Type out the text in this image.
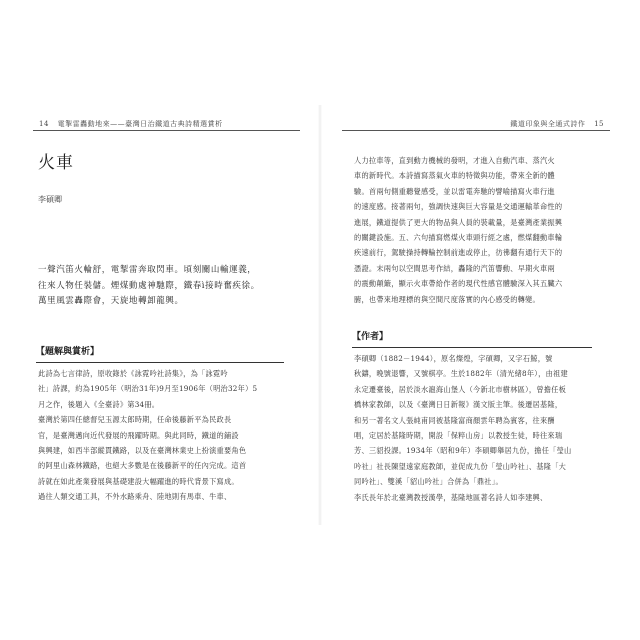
14 電掣雷轟動地來——臺灣日治鐵道古典詩精選賞析
火車
李碩卿
一聲汽笛火輪舒，電掣雷奔取閃車。頃刻關山輸運義，
往來人物任裝儲。煙煤動處神馳際，鐵春ì接時奮疾徐。
萬里風雲轟際會，天旋地轉卸龍興。
【題解與賞析】
此詩為七言律詩，原收錄於《詠霓吟社詩集》，為「詠霓吟
社」詩課，約為1905年（明治31年)9月至1906年（明治32年）5
月之作，後題入《全臺詩》第34冊。
臺灣於第四任總督兒玉源太郎時期，任命後藤新平為民政長
官，是臺灣邁向近代發展的飛躍時期。與此同時，鐵道的鋪設
與興建，如西半部縱貫鐵路，以及在臺灣林業史上扮演重要角色
的阿里山森林鐵路，也絕大多數是在後藤新平的任內完成。這首
詩就在如此產業發展與基礎建設大幅躍進的時代背景下寫成。
過往人類交通工具，不外水路乘舟、陸地則有馬車、牛車、
鐵道印象與全通式詩作 15
人力拉車等，直到動力機械的發明，才進入自動汽車、蒸汽火
車的新時代。本詩描寫蒸氣火車的特徵與功能，帶來全新的體
驗。首兩句側重聽覺感受，並以雷電奔馳的譬喻描寫火車行進
的速度感。接著兩句，強調快速與巨大容量是交通運輸革命性的
進展，鐵道提供了更大的物品與人員的裝載量，是臺灣產業振興
的關鍵設施。五、六句描寫燃煤火車頭行經之處，燃煤翻動車輪
疾速前行，駕駛操持轉輪控制前進或停止，彷彿翻有通行天下的
憑證。末兩句以空間思考作結，轟隆的汽笛響動、早期火車兩
的震動顛簸，顯示火車帶給作者的現代性感官體驗深入其五臟六
腑，也帶來地理標的與空間尺度落實的內心感受的轉變。
【作者】
李碩卿（1882－1944），原名燦煌，字碩卿，又字石鯨，號
秋鑄，晚號退響，又號棋亭。生於1882年（清光緒8年），由祖建
永定遷臺後，居於淡水滬海山堡人（今新北市樹林區），曾擔任板
橋林家教師，以及《臺灣日日新報》漢文版主筆。後遷居基隆，
和另一著名文人張純甫同被基隆富商顏雲年聘為賓客，往來酬
唱，定居於基隆時期，開設「保粹山房」以教授生徒，時往來瑞
芳、三貂投課。1934年（昭和9年）李碩卿舉居九份，擔任「瑩山
吟社」社長陳望遠家庭教師，並促成九份「瑩山吟社」、基隆「大
同吟社」、雙溪「貂山吟社」合併為「鼎社」。
李氏長年於北臺灣教授漢學，基隆地區著名詩人如李建興、
